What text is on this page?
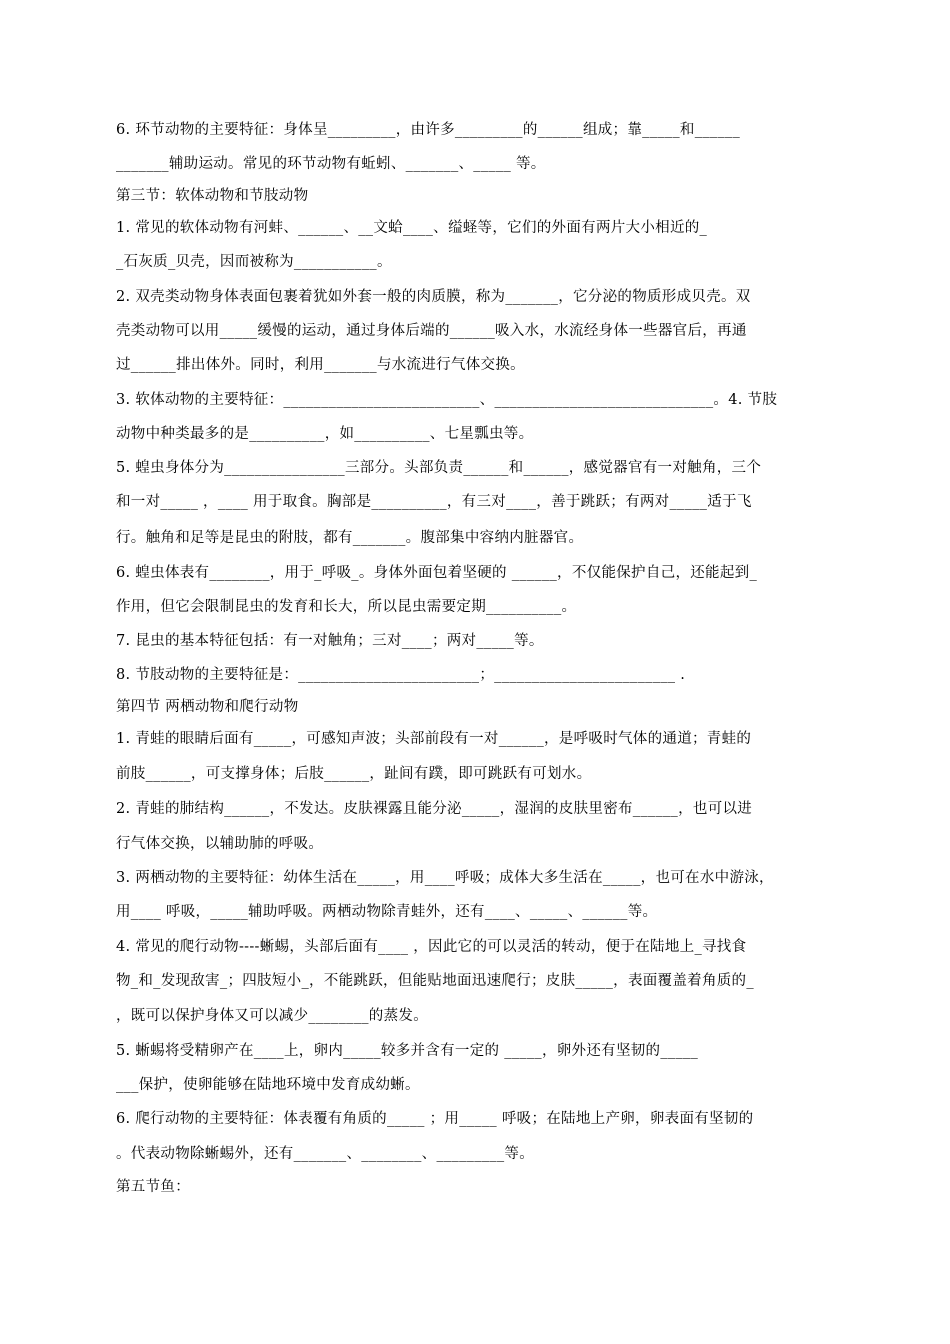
6. 环节动物的主要特征：身体呈_________，由许多_________的______组成；靠_____和______
_______辅助运动。常见的环节动物有蚯蚓、_______、_____ 等。
第三节：软体动物和节肢动物
1. 常见的软体动物有河蚌、______、__文蛤____、缢蛏等，它们的外面有两片大小相近的_
_石灰质_贝壳，因而被称为___________。
2. 双壳类动物身体表面包裹着犹如外套一般的肉质膜，称为_______，它分泌的物质形成贝壳。双
壳类动物可以用_____缓慢的运动，通过身体后端的______吸入水，水流经身体一些器官后，再通
过______排出体外。同时，利用_______与水流进行气体交换。
3. 软体动物的主要特征：__________________________、_____________________________。4. 节肢
动物中种类最多的是__________，如__________、七星瓢虫等。
5. 蝗虫身体分为________________三部分。头部负责______和______，感觉器官有一对触角，三个
和一对_____ ，____ 用于取食。胸部是__________，有三对____，善于跳跃；有两对_____适于飞
行。触角和足等是昆虫的附肢，都有_______。腹部集中容纳内脏器官。
6. 蝗虫体表有________，用于_呼吸_。身体外面包着坚硬的 ______，不仅能保护自己，还能起到_
作用，但它会限制昆虫的发育和长大，所以昆虫需要定期__________。
7. 昆虫的基本特征包括：有一对触角；三对____；两对_____等。
8. 节肢动物的主要特征是：________________________；________________________ .
第四节 两栖动物和爬行动物
1. 青蛙的眼睛后面有_____，可感知声波；头部前段有一对______，是呼吸时气体的通道；青蛙的
前肢______，可支撑身体；后肢______，趾间有蹼，即可跳跃有可划水。
2. 青蛙的肺结构______，不发达。皮肤裸露且能分泌_____，湿润的皮肤里密布______，也可以进
行气体交换，以辅助肺的呼吸。
3. 两栖动物的主要特征：幼体生活在_____，用____呼吸；成体大多生活在_____，也可在水中游泳，
用____ 呼吸，_____辅助呼吸。两栖动物除青蛙外，还有____、_____、______等。
4. 常见的爬行动物----蜥蜴，头部后面有____ ，因此它的可以灵活的转动，便于在陆地上_寻找食
物_和_发现敌害_；四肢短小_，不能跳跃，但能贴地面迅速爬行；皮肤_____，表面覆盖着角质的_
，既可以保护身体又可以减少________的蒸发。
5. 蜥蜴将受精卵产在____上，卵内_____较多并含有一定的 _____，卵外还有坚韧的_____
___保护，使卵能够在陆地环境中发育成幼蜥。
6. 爬行动物的主要特征：体表覆有角质的_____ ；用_____ 呼吸；在陆地上产卵，卵表面有坚韧的
。代表动物除蜥蜴外，还有_______、________、_________等。
第五节鱼：
